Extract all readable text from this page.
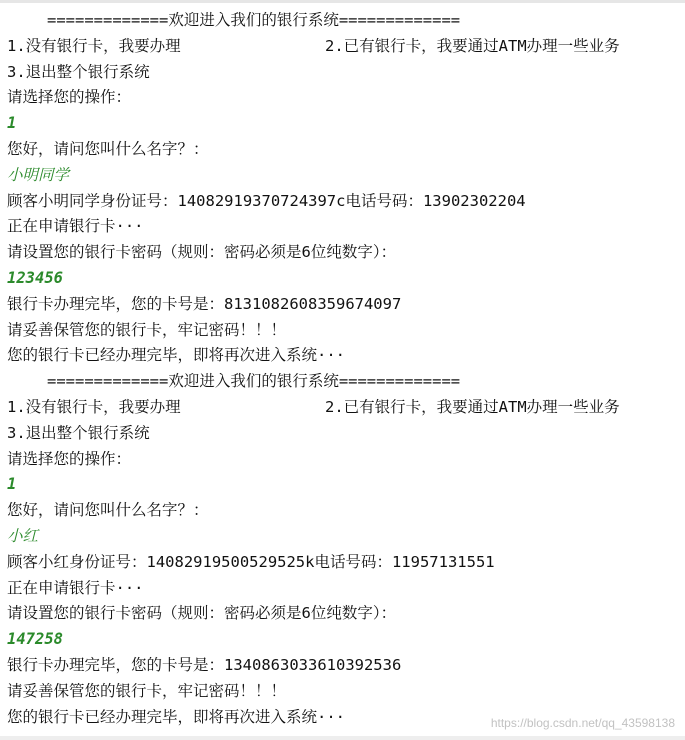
=============欢迎进入我们的银行系统=============

1.没有银行卡，我要办理

	2.已有银行卡，我要通过ATM办理一些业务

3.退出整个银行系统
请选择您的操作：
1
您好，请问您叫什么名字？：
小明同学
顾客小明同学身份证号：14082919370724397c电话号码：13902302204
正在申请银行卡···
请设置您的银行卡密码（规则：密码必须是6位纯数字）：
123456
银行卡办理完毕，您的卡号是：8131082608359674097
请妥善保管您的银行卡，牢记密码！！！
您的银行卡已经办理完毕，即将再次进入系统···
=============欢迎进入我们的银行系统=============

1.没有银行卡，我要办理

	2.已有银行卡，我要通过ATM办理一些业务

3.退出整个银行系统
请选择您的操作：
1
您好，请问您叫什么名字？：
小红
顾客小红身份证号：14082919500529525k电话号码：11957131551
正在申请银行卡···
请设置您的银行卡密码（规则：密码必须是6位纯数字）：
147258
银行卡办理完毕，您的卡号是：1340863033610392536
请妥善保管您的银行卡，牢记密码！！！
您的银行卡已经办理完毕，即将再次进入系统···	https://blog.csdn.net/qq_43598138
